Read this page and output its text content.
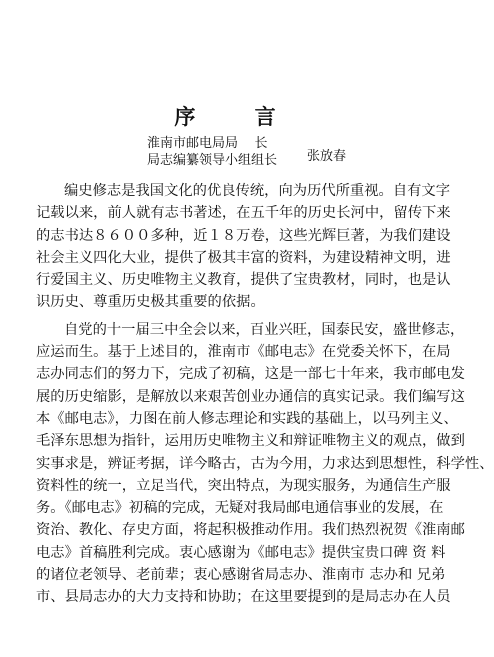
序 言
淮南市邮电局局    长
局志编纂领导小组组长 张放春
编史修志是我国文化的优良传统，向为历代所重视。自有文字
记载以来，前人就有志书著述，在五千年的历史长河中，留传下来
的志书达８６００多种，近１８万卷，这些光辉巨著，为我们建设
社会主义四化大业，提供了极其丰富的资料，为建设精神文明，进
行爱国主义、历史唯物主义教育，提供了宝贵教材，同时，也是认
识历史、尊重历史极其重要的依据。
自党的十一届三中全会以来，百业兴旺，国泰民安，盛世修志，
应运而生。基于上述目的，淮南市《邮电志》在党委关怀下，在局
志办同志们的努力下，完成了初稿，这是一部七十年来，我市邮电发
展的历史缩影，是解放以来艰苦创业办通信的真实记录。我们编写这
本《邮电志》，力图在前人修志理论和实践的基础上，以马列主义、
毛泽东思想为指针，运用历史唯物主义和辩证唯物主义的观点，做到
实事求是，辨证考据，详今略古，古为今用，力求达到思想性，科学性、
资料性的统一，立足当代，突出特点，为现实服务，为通信生产服
务。《邮电志》初稿的完成，无疑对我局邮电通信事业的发展，在
资治、教化、存史方面，将起积极推动作用。我们热烈祝贺《淮南邮
电志》首稿胜利完成。衷心感谢为《邮电志》提供宝贵口碑 资 料
的诸位老领导、老前辈；衷心感谢省局志办、淮南市 志办和 兄弟
市、县局志办的大力支持和协助；在这里要提到的是局志办在人员
